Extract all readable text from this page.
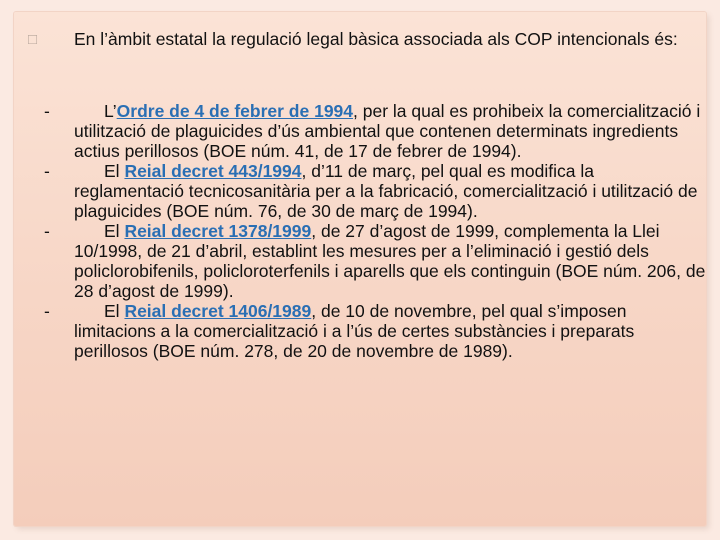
□	En l’àmbit estatal la regulació legal bàsica associada als COP intencionals és:
-	L’Ordre de 4 de febrer de 1994, per la qual es prohibeix la comercialització i utilització de plaguicides d’ús ambiental que contenen determinats ingredients actius perillosos (BOE núm. 41, de 17 de febrer de 1994).
-	El Reial decret 443/1994, d’11 de març, pel qual es modifica la reglamentació tecnicosanitària per a la fabricació, comercialització i utilització de plaguicides (BOE núm. 76, de 30 de març de 1994).
-	El Reial decret 1378/1999, de 27 d’agost de 1999, complementa la Llei 10/1998, de 21 d’abril, establint les mesures per a l’eliminació i gestió dels policlorobifenils, policloroterfenils i aparells que els continguin (BOE núm. 206, de 28 d’agost de 1999).
-	El Reial decret 1406/1989, de 10 de novembre, pel qual s’imposen limitacions a la comercialització i a l’ús de certes substàncies i preparats perillosos (BOE núm. 278, de 20 de novembre de 1989).
